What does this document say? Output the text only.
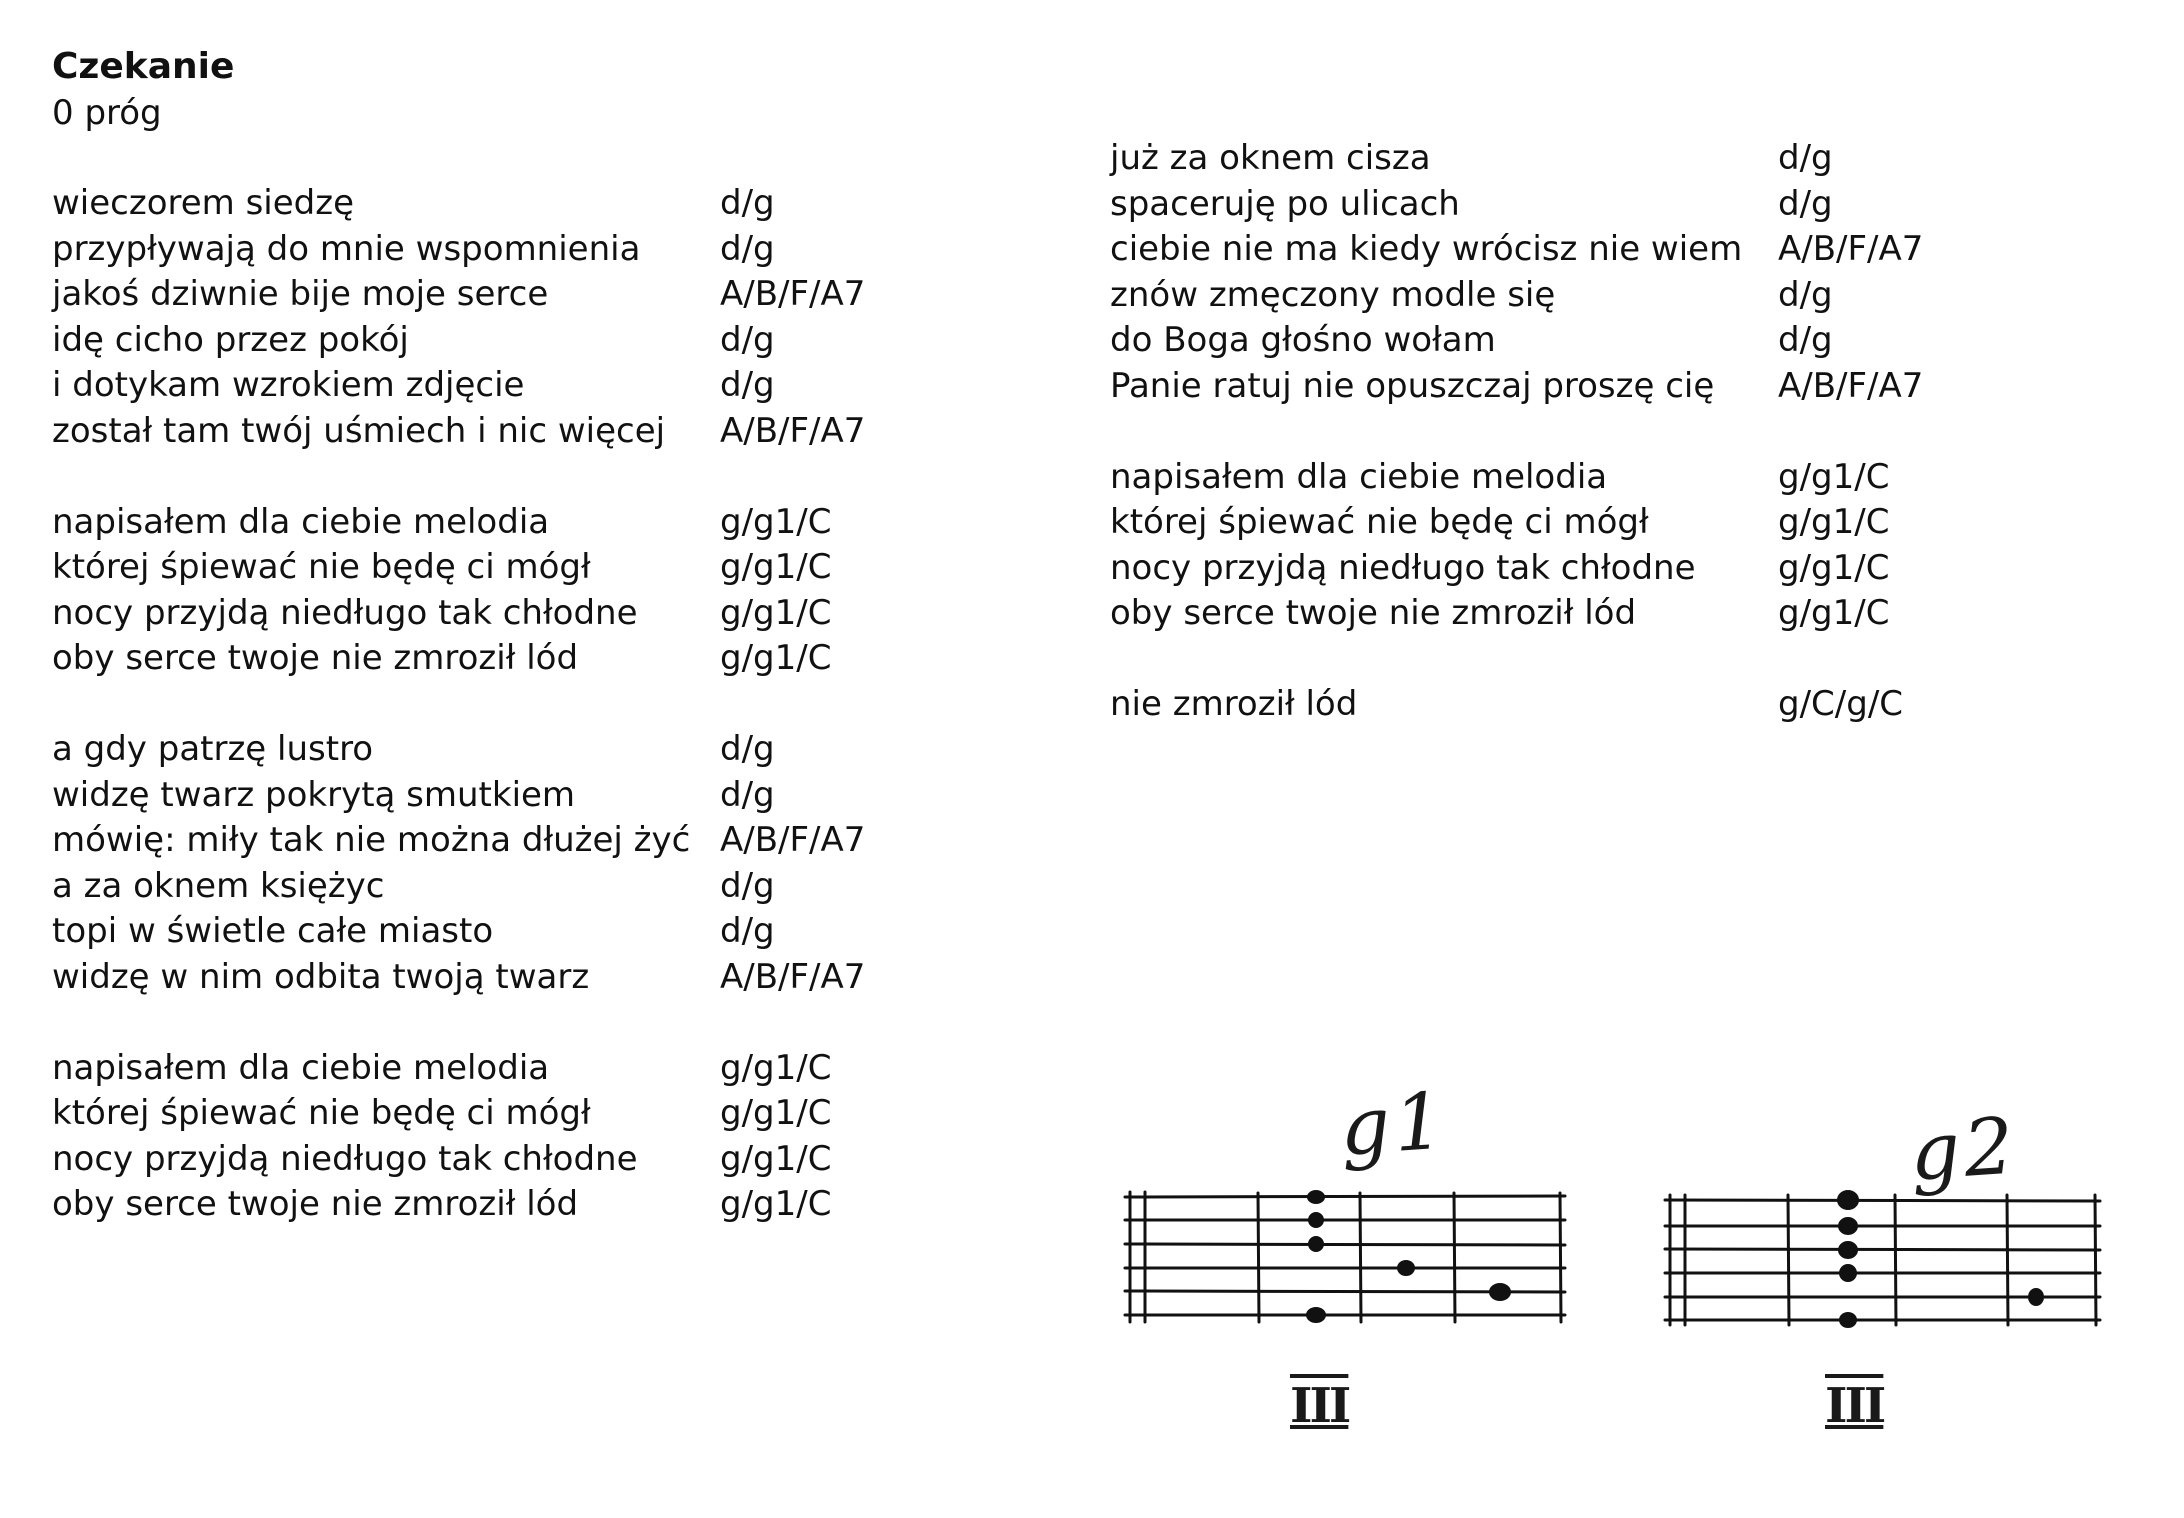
Czekanie
0 próg
wieczorem siedzę	d/g
przypływają do mnie wspomnienia d/g
jakoś dziwnie bije moje serce	A/B/F/A7
idę cicho przez pokój	d/g
i dotykam wzrokiem zdjęcie	d/g
został tam twój uśmiech i nic więcej A/B/F/A7
napisałem dla ciebie melodia	g/g1/C
której śpiewać nie będę ci mógł	g/g1/C
nocy przyjdą niedługo tak chłodne g/g1/C
oby serce twoje nie zmroził lód	g/g1/C
a gdy patrzę lustro	d/g
widzę twarz pokrytą smutkiem	d/g
mówię: miły tak nie można dłużej żyć A/B/F/A7
a za oknem księżyc	d/g
topi w świetle całe miasto	d/g
widzę w nim odbita twoją twarz	A/B/F/A7
napisałem dla ciebie melodia	g/g1/C
której śpiewać nie będę ci mógł	g/g1/C
nocy przyjdą niedługo tak chłodne g/g1/C
oby serce twoje nie zmroził lód	g/g1/C
już za oknem cisza	d/g
spaceruję po ulicach	d/g
ciebie nie ma kiedy wrócisz nie wiem A/B/F/A7
znów zmęczony modle się	d/g
do Boga głośno wołam	d/g
Panie ratuj nie opuszczaj proszę cię A/B/F/A7
napisałem dla ciebie melodia	g/g1/C
której śpiewać nie będę ci mógł	g/g1/C
nocy przyjdą niedługo tak chłodne g/g1/C
oby serce twoje nie zmroził lód	g/g1/C
nie zmroził lód	g/C/g/C
g1
III
g2
III
